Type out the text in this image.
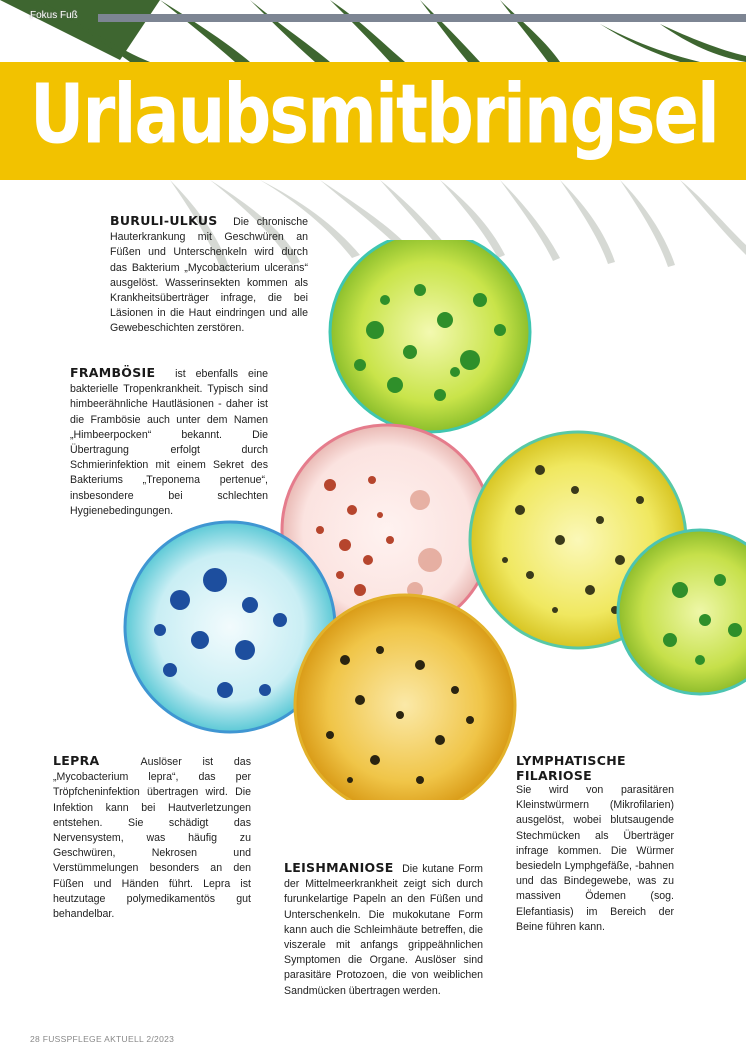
Fokus Fuß
Urlaubsmitbringsel
BURULI-ULKUS Die chronische Hauterkrankung mit Geschwüren an Füßen und Unterschenkeln wird durch das Bakterium „Mycobacterium ulcerans“ ausgelöst. Wasserinsekten kommen als Krankheitsüberträger infrage, die bei Läsionen in die Haut eindringen und alle Gewebeschichten zerstören.
FRAMBÖSIE ist ebenfalls eine bakterielle Tropenkrankheit. Typisch sind himbeerähnliche Hautläsionen - daher ist die Frambösie auch unter dem Namen „Himbeerpocken“ bekannt. Die Übertragung erfolgt durch Schmierinfektion mit einem Sekret des Bakteriums „Treponema pertenue“, insbesondere bei schlechten Hygienebedingungen.
LEPRA	Auslöser ist das „Mycobacterium lepra“, das per Tröpfcheninfektion übertragen wird. Die Infektion kann bei Hautverletzungen entstehen. Sie schädigt das Nervensystem, was häufig zu Geschwüren, Nekrosen und Verstümmelungen besonders an den Füßen und Händen führt. Lepra ist heutzutage polymedikamentös gut behandelbar.
LEISHMANIOSE Die kutane Form der Mittelmeerkrankheit zeigt sich durch furunkelartige Papeln an den Füßen und Unterschenkeln. Die mukokutane Form kann auch die Schleimhäute betreffen, die viszerale mit anfangs grippeähnlichen Symptomen die Organe. Auslöser sind parasitäre Protozoen, die von weiblichen Sandmücken übertragen werden.
LYMPHATISCHE
FILARIOSE
Sie wird von parasitären Kleinstwürmern (Mikrofilarien) ausgelöst, wobei blutsaugende Stechmücken als Überträger infrage kommen. Die Würmer besiedeln Lymphgefäße, -bahnen und das Bindegewebe, was zu massiven Ödemen (sog. Elefantiasis) im Bereich der Beine führen kann.
28 FUSSPFLEGE AKTUELL 2/2023
